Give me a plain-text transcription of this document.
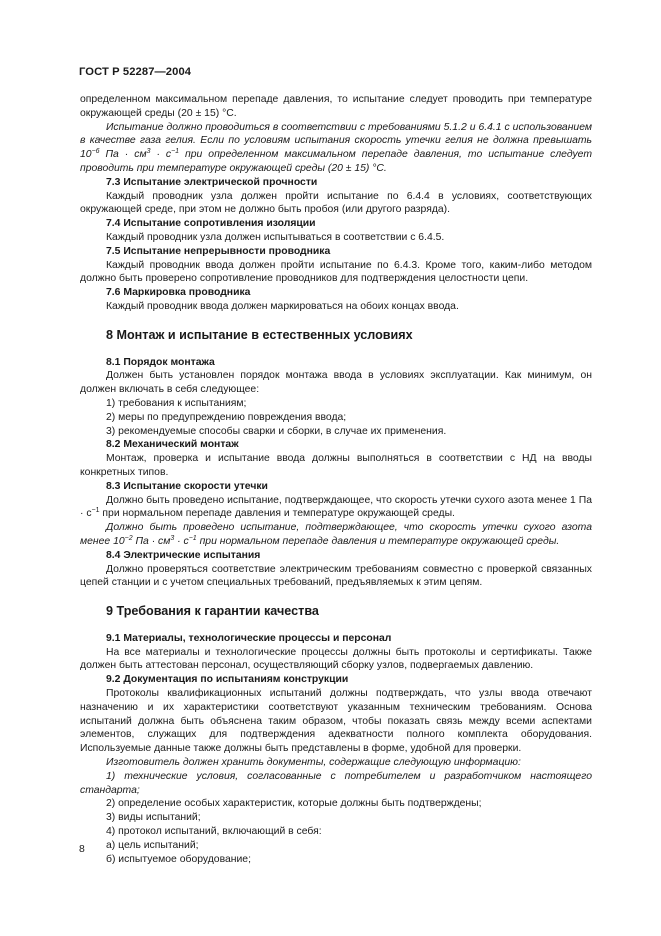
ГОСТ Р 52287—2004

определенном максимальном перепаде давления, то испытание следует проводить при температуре окружающей среды (20 ± 15) °С.

Испытание должно проводиться в соответствии с требованиями 5.1.2 и 6.4.1 с использованием в качестве газа гелия. Если по условиям испытания скорость утечки гелия не должна превышать $10^{-6}$ Па · $см^3 \cdot с^{-1}$ при определенном максимальном перепаде давления, то испытание следует проводить при температуре окружающей среды (20 ± 15) °С.

7.3 Испытание электрической прочности

Каждый проводник узла должен пройти испытание по 6.4.4 в условиях, соответствующих окружающей среде, при этом не должно быть пробоя (или другого разряда).

7.4 Испытание сопротивления изоляции

Каждый проводник узла должен испытываться в соответствии с 6.4.5.

7.5 Испытание непрерывности проводника

Каждый проводник ввода должен пройти испытание по 6.4.3. Кроме того, каким-либо методом должно быть проверено сопротивление проводников для подтверждения целостности цепи.

7.6 Маркировка проводника

Каждый проводник ввода должен маркироваться на обоих концах ввода.

8 Монтаж и испытание в естественных условиях

8.1 Порядок монтажа

Должен быть установлен порядок монтажа ввода в условиях эксплуатации. Как минимум, он должен включать в себя следующее:

1) требования к испытаниям;

2) меры по предупреждению повреждения ввода;

3) рекомендуемые способы сварки и сборки, в случае их применения.

8.2 Механический монтаж

Монтаж, проверка и испытание ввода должны выполняться в соответствии с НД на вводы конкретных типов.

8.3 Испытание скорости утечки

Должно быть проведено испытание, подтверждающее, что скорость утечки сухого азота менее 1 Па · $с^{-1}$ при нормальном перепаде давления и температуре окружающей среды.

Должно быть проведено испытание, подтверждающее, что скорость утечки сухого азота менее $10^{-2}$ Па · $см^3 \cdot с^{-1}$ при нормальном перепаде давления и температуре окружающей среды.

8.4 Электрические испытания

Должно проверяться соответствие электрическим требованиям совместно с проверкой связанных цепей станции и с учетом специальных требований, предъявляемых к этим цепям.

9 Требования к гарантии качества

9.1 Материалы, технологические процессы и персонал

На все материалы и технологические процессы должны быть протоколы и сертификаты. Также должен быть аттестован персонал, осуществляющий сборку узлов, подвергаемых давлению.

9.2 Документация по испытаниям конструкции

Протоколы квалификационных испытаний должны подтверждать, что узлы ввода отвечают назначению и их характеристики соответствуют указанным техническим требованиям. Основа испытаний должна быть объяснена таким образом, чтобы показать связь между всеми аспектами элементов, служащих для подтверждения адекватности полного комплекта оборудования. Используемые данные также должны быть представлены в форме, удобной для проверки.

Изготовитель должен хранить документы, содержащие следующую информацию:

1) технические условия, согласованные с потребителем и разработчиком настоящего стандарта;

2) определение особых характеристик, которые должны быть подтверждены;

3) виды испытаний;

4) протокол испытаний, включающий в себя:

а) цель испытаний;

б) испытуемое оборудование;

8
